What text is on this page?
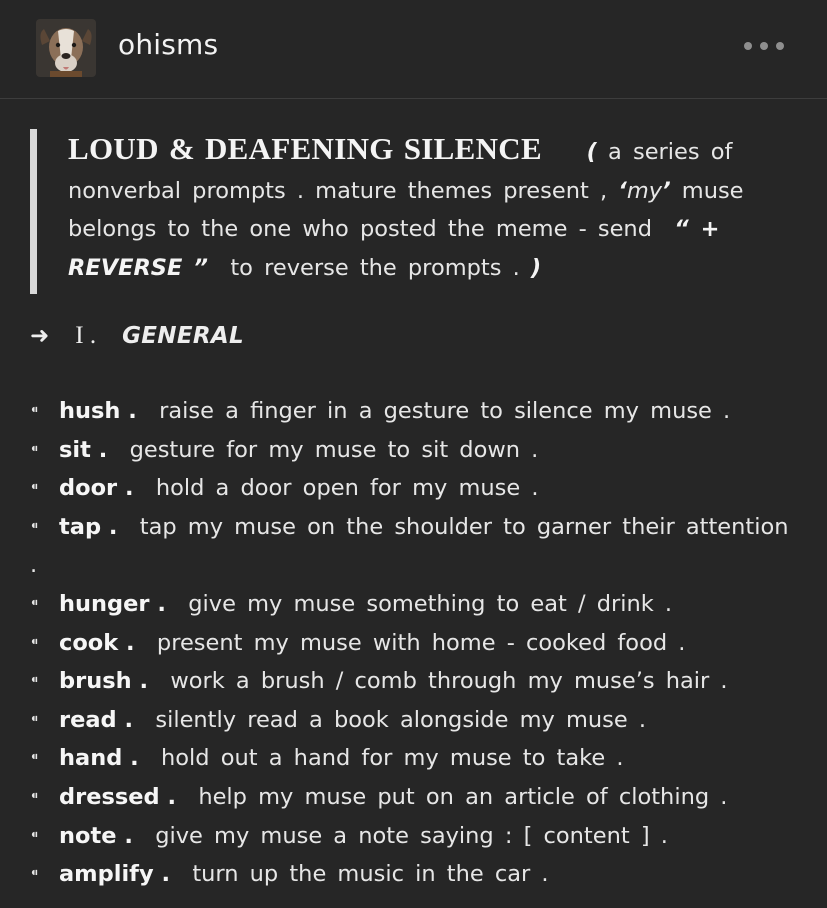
ohisms
LOUD & DEAFENING SILENCE ( a series of nonverbal prompts . mature themes present , ‘my’ muse belongs to the one who posted the meme - send “ + REVERSE ” to reverse the prompts . )
➜ I . GENERAL
⁌ hush . raise a finger in a gesture to silence my muse .
⁌ sit . gesture for my muse to sit down .
⁌ door . hold a door open for my muse .
⁌ tap . tap my muse on the shoulder to garner their attention .
⁌ hunger . give my muse something to eat / drink .
⁌ cook . present my muse with home - cooked food .
⁌ brush . work a brush / comb through my muse’s hair .
⁌ read . silently read a book alongside my muse .
⁌ hand . hold out a hand for my muse to take .
⁌ dressed . help my muse put on an article of clothing .
⁌ note . give my muse a note saying : [ content ] .
⁌ amplify . turn up the music in the car .
